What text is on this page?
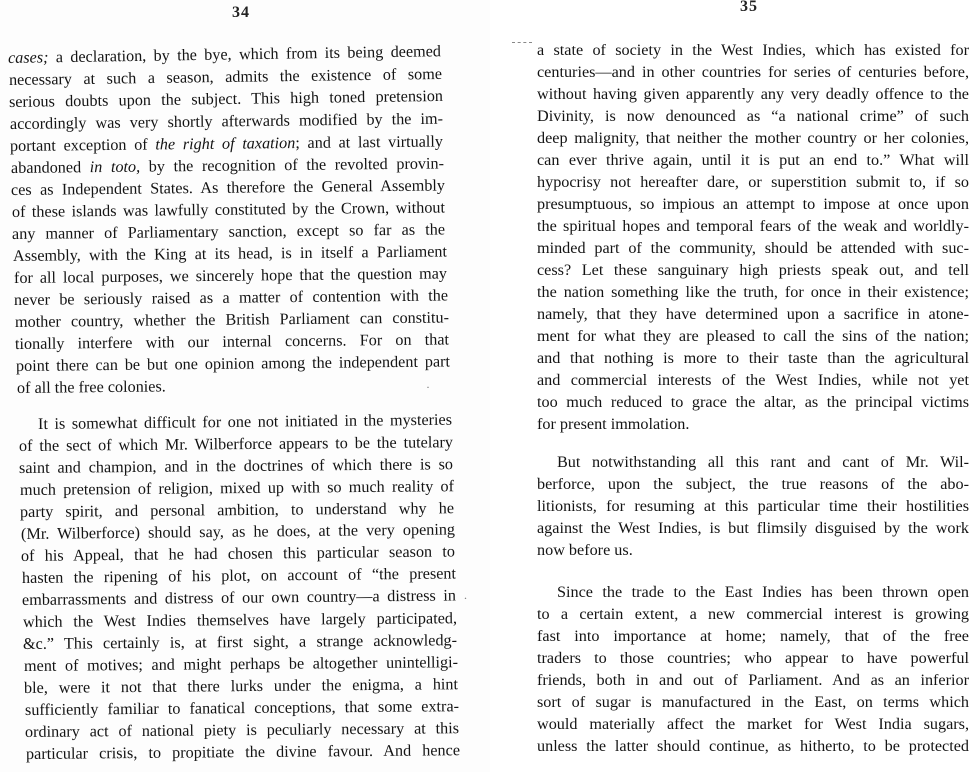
34
cases; a declaration, by the bye, which from its being deemed
necessary at such a season, admits the existence of some
serious doubts upon the subject. This high toned pretension
accordingly was very shortly afterwards modified by the im-
portant exception of the right of taxation; and at last virtually
abandoned in toto, by the recognition of the revolted provin-
ces as Independent States. As therefore the General Assembly
of these islands was lawfully constituted by the Crown, without
any manner of Parliamentary sanction, except so far as the
Assembly, with the King at its head, is in itself a Parliament
for all local purposes, we sincerely hope that the question may
never be seriously raised as a matter of contention with the
mother country, whether the British Parliament can constitu-
tionally interfere with our internal concerns. For on that
point there can be but one opinion among the independent part
of all the free colonies.
It is somewhat difficult for one not initiated in the mysteries
of the sect of which Mr. Wilberforce appears to be the tutelary
saint and champion, and in the doctrines of which there is so
much pretension of religion, mixed up with so much reality of
party spirit, and personal ambition, to understand why he
(Mr. Wilberforce) should say, as he does, at the very opening
of his Appeal, that he had chosen this particular season to
hasten the ripening of his plot, on account of “the present
embarrassments and distress of our own country—a distress in
which the West Indies themselves have largely participated,
&c.” This certainly is, at first sight, a strange acknowledg-
ment of motives; and might perhaps be altogether unintelligi-
ble, were it not that there lurks under the enigma, a hint
sufficiently familiar to fanatical conceptions, that some extra-
ordinary act of national piety is peculiarly necessary at this
particular crisis, to propitiate the divine favour. And hence
·
.
35
a state of society in the West Indies, which has existed for
centuries—and in other countries for series of centuries before,
without having given apparently any very deadly offence to the
Divinity, is now denounced as “a national crime” of such
deep malignity, that neither the mother country or her colonies,
can ever thrive again, until it is put an end to.” What will
hypocrisy not hereafter dare, or superstition submit to, if so
presumptuous, so impious an attempt to impose at once upon
the spiritual hopes and temporal fears of the weak and worldly-
minded part of the community, should be attended with suc-
cess? Let these sanguinary high priests speak out, and tell
the nation something like the truth, for once in their existence;
namely, that they have determined upon a sacrifice in atone-
ment for what they are pleased to call the sins of the nation;
and that nothing is more to their taste than the agricultural
and commercial interests of the West Indies, while not yet
too much reduced to grace the altar, as the principal victims
for present immolation.
But notwithstanding all this rant and cant of Mr. Wil-
berforce, upon the subject, the true reasons of the abo-
litionists, for resuming at this particular time their hostilities
against the West Indies, is but flimsily disguised by the work
now before us.
Since the trade to the East Indies has been thrown open
to a certain extent, a new commercial interest is growing
fast into importance at home; namely, that of the free
traders to those countries; who appear to have powerful
friends, both in and out of Parliament. And as an inferior
sort of sugar is manufactured in the East, on terms which
would materially affect the market for West India sugars,
unless the latter should continue, as hitherto, to be protected
